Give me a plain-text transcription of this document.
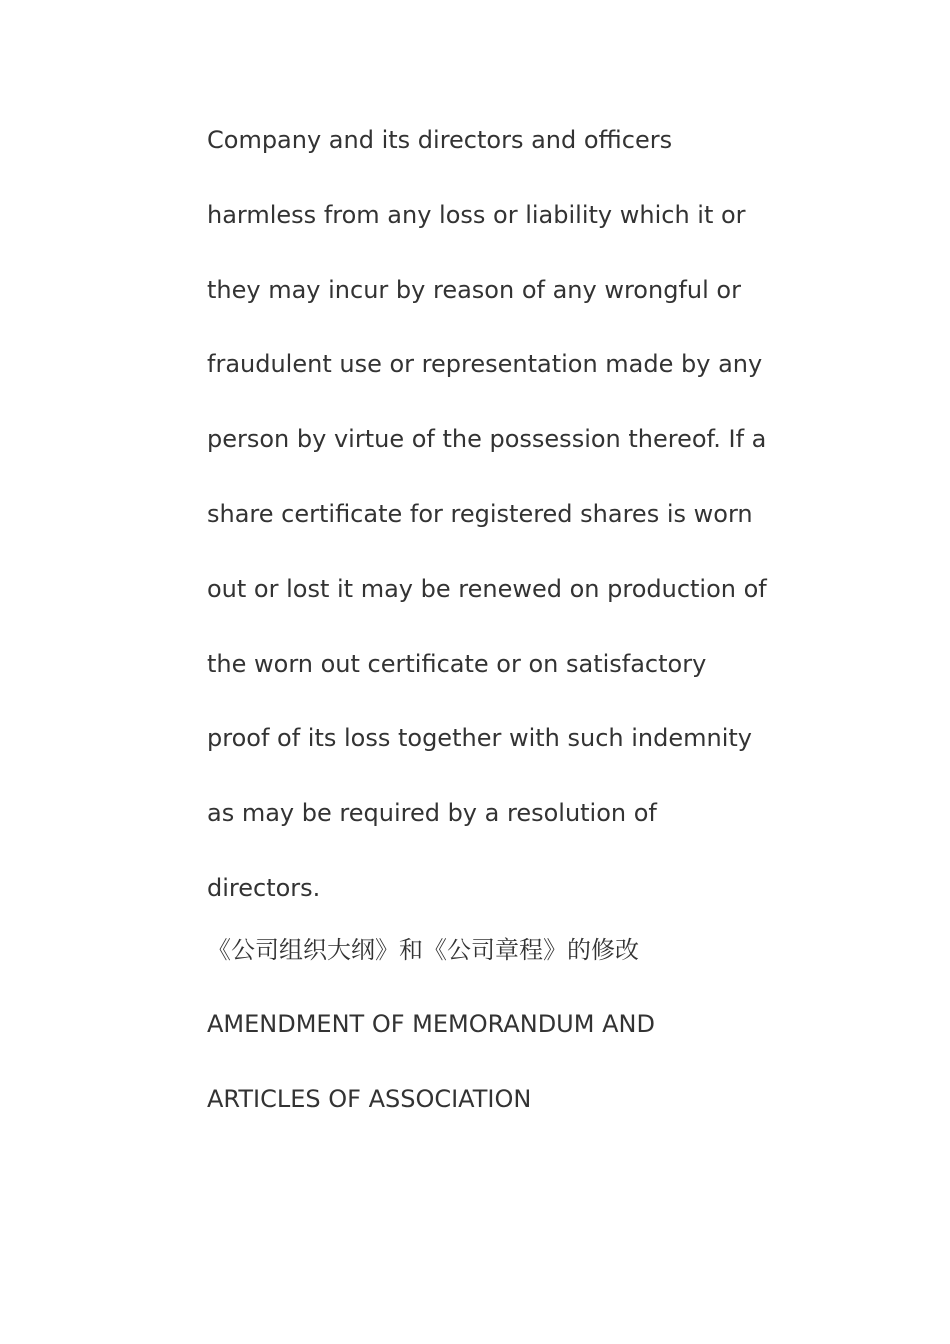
Company and its directors and officers

harmless from any loss or liability which it or

they may incur by reason of any wrongful or

fraudulent use or representation made by any

person by virtue of the possession thereof. If a

share certificate for registered shares is worn

out or lost it may be renewed on production of

the worn out certificate or on satisfactory

proof of its loss together with such indemnity

as may be required by a resolution of

directors.

《公司组织大纲》和《公司章程》的修改
AMENDMENT OF MEMORANDUM AND
ARTICLES OF ASSOCIATION
